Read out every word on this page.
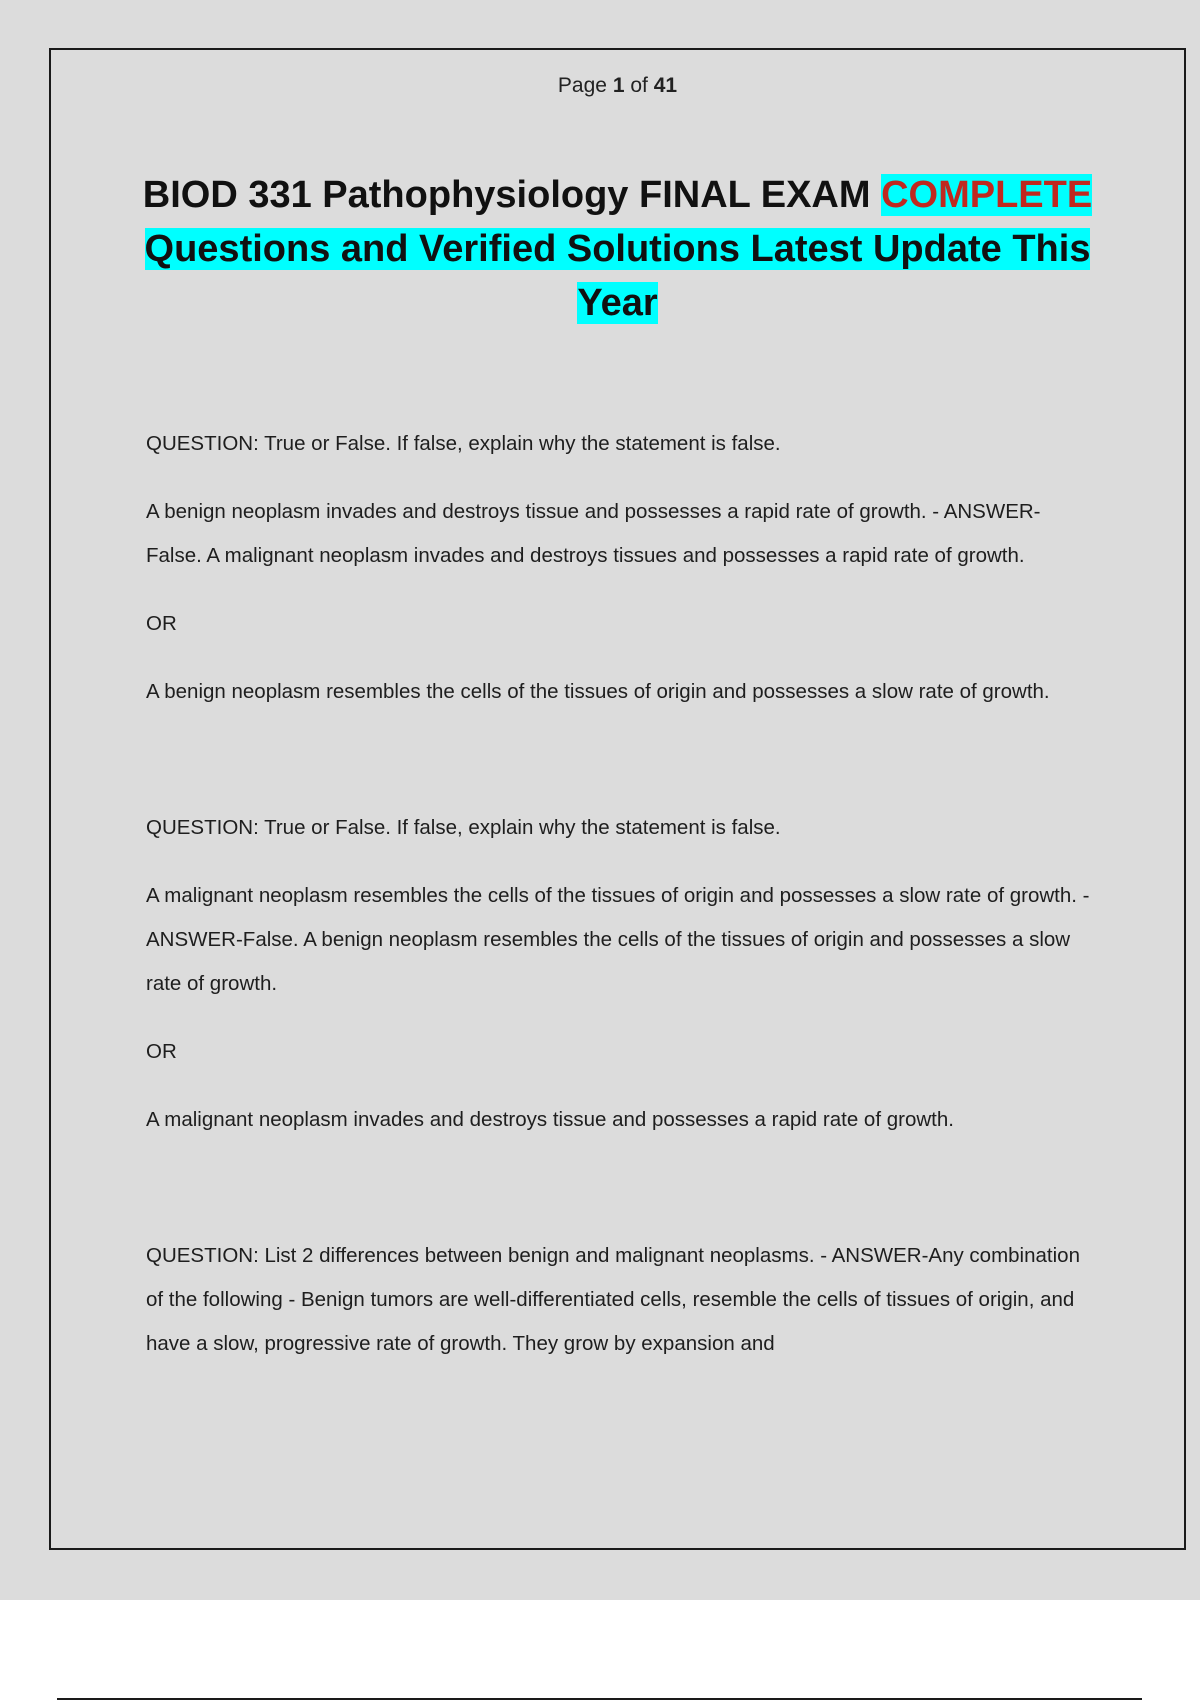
Page 1 of 41
BIOD 331 Pathophysiology FINAL EXAM COMPLETE Questions and Verified Solutions Latest Update This Year

QUESTION: True or False. If false, explain why the statement is false.

A benign neoplasm invades and destroys tissue and possesses a rapid rate of growth. - ANSWER-False. A malignant neoplasm invades and destroys tissues and possesses a rapid rate of growth.

OR

A benign neoplasm resembles the cells of the tissues of origin and possesses a slow rate of growth.

QUESTION: True or False. If false, explain why the statement is false.

A malignant neoplasm resembles the cells of the tissues of origin and possesses a slow rate of growth. - ANSWER-False. A benign neoplasm resembles the cells of the tissues of origin and possesses a slow rate of growth.

OR

A malignant neoplasm invades and destroys tissue and possesses a rapid rate of growth.

QUESTION: List 2 differences between benign and malignant neoplasms. - ANSWER-Any combination of the following - Benign tumors are well-differentiated cells, resemble the cells of tissues of origin, and have a slow, progressive rate of growth. They grow by expansion and
